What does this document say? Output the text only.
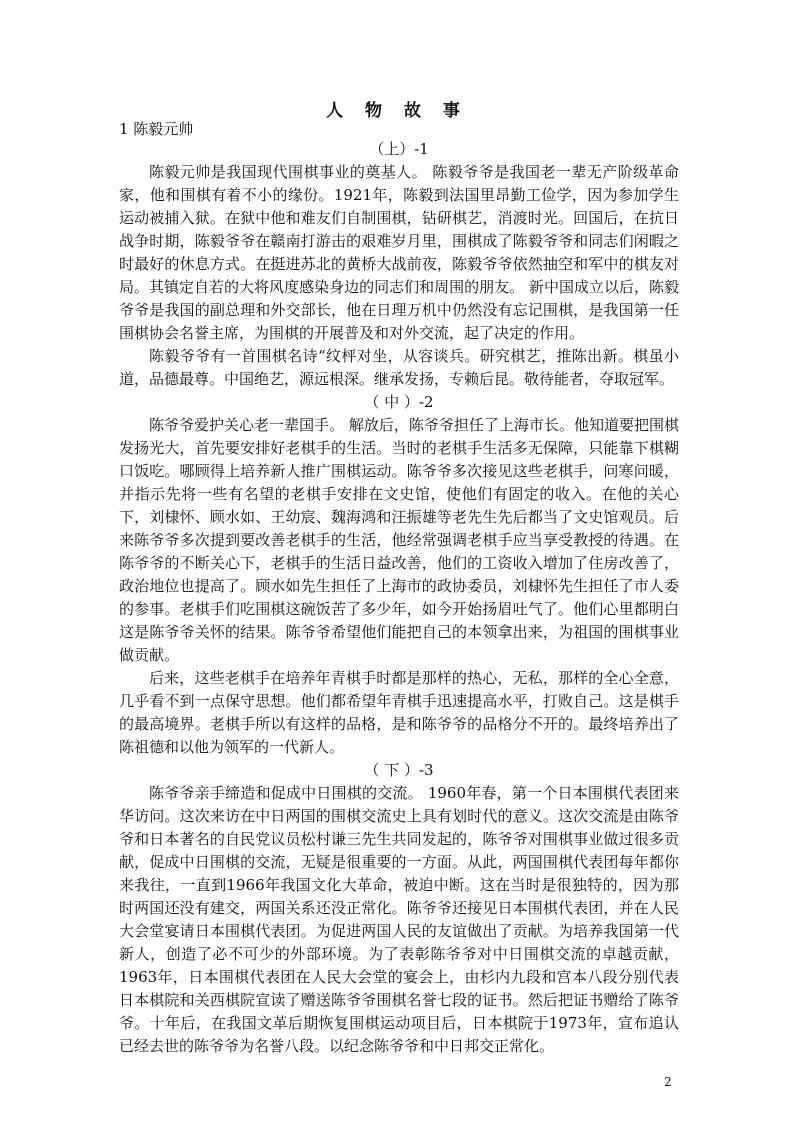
人 物 故 事
1 陈毅元帅
（上）-1

陈毅元帅是我国现代围棋事业的奠基人。 陈毅爷爷是我国老一辈无产阶级革命家，他和围棋有着不小的缘份。1921年，陈毅到法国里昂勤工俭学，因为参加学生运动被捕入狱。在狱中他和难友们自制围棋，钻研棋艺，消渡时光。回国后，在抗日战争时期，陈毅爷爷在赣南打游击的艰难岁月里，围棋成了陈毅爷爷和同志们闲暇之时最好的休息方式。在挺进苏北的黄桥大战前夜，陈毅爷爷依然抽空和军中的棋友对局。其镇定自若的大将风度感染身边的同志们和周围的朋友。 新中国成立以后，陈毅爷爷是我国的副总理和外交部长，他在日理万机中仍然没有忘记围棋，是我国第一任围棋协会名誉主席，为围棋的开展普及和对外交流，起了决定的作用。

陈毅爷爷有一首围棋名诗“纹枰对坐，从容谈兵。研究棋艺，推陈出新。棋虽小道，品德最尊。中国绝艺，源远根深。继承发扬，专赖后昆。敬待能者，夺取冠军。

（ 中 ）-2

陈爷爷爱护关心老一辈国手。 解放后，陈爷爷担任了上海市长。他知道要把围棋发扬光大，首先要安排好老棋手的生活。当时的老棋手生活多无保障，只能靠下棋糊口饭吃。哪顾得上培养新人推广围棋运动。陈爷爷多次接见这些老棋手，问寒问暖，并指示先将一些有名望的老棋手安排在文史馆，使他们有固定的收入。在他的关心下，刘棣怀、顾水如、王幼宸、魏海鸿和汪振雄等老先生先后都当了文史馆观员。后来陈爷爷多次提到要改善老棋手的生活，他经常强调老棋手应当享受教授的待遇。在陈爷爷的不断关心下，老棋手的生活日益改善，他们的工资收入增加了住房改善了，政治地位也提高了。顾水如先生担任了上海市的政协委员，刘棣怀先生担任了市人委的参事。老棋手们吃围棋这碗饭苦了多少年，如今开始扬眉吐气了。他们心里都明白这是陈爷爷关怀的结果。陈爷爷希望他们能把自己的本领拿出来，为祖国的围棋事业做贡献。

后来，这些老棋手在培养年青棋手时都是那样的热心，无私，那样的全心全意，几乎看不到一点保守思想。他们都希望年青棋手迅速提高水平，打败自己。这是棋手的最高境界。老棋手所以有这样的品格，是和陈爷爷的品格分不开的。最终培养出了陈祖德和以他为领军的一代新人。

（ 下 ）-3

陈爷爷亲手缔造和促成中日围棋的交流。 1960年春，第一个日本围棋代表团来华访问。这次来访在中日两国的围棋交流史上具有划时代的意义。这次交流是由陈爷爷和日本著名的自民党议员松村谦三先生共同发起的，陈爷爷对围棋事业做过很多贡献，促成中日围棋的交流，无疑是很重要的一方面。从此，两国围棋代表团每年都你来我往，一直到1966年我国文化大革命，被迫中断。这在当时是很独特的，因为那时两国还没有建交，两国关系还没正常化。陈爷爷还接见日本围棋代表团，并在人民大会堂宴请日本围棋代表团。为促进两国人民的友谊做出了贡献。为培养我国第一代新人，创造了必不可少的外部环境。为了表彰陈爷爷对中日围棋交流的卓越贡献，1963年，日本围棋代表团在人民大会堂的宴会上，由杉内九段和宫本八段分别代表日本棋院和关西棋院宣读了赠送陈爷爷围棋名誉七段的证书。然后把证书赠给了陈爷爷。十年后，在我国文革后期恢复围棋运动项目后，日本棋院于1973年，宣布追认已经去世的陈爷爷为名誉八段。以纪念陈爷爷和中日邦交正常化。

2
